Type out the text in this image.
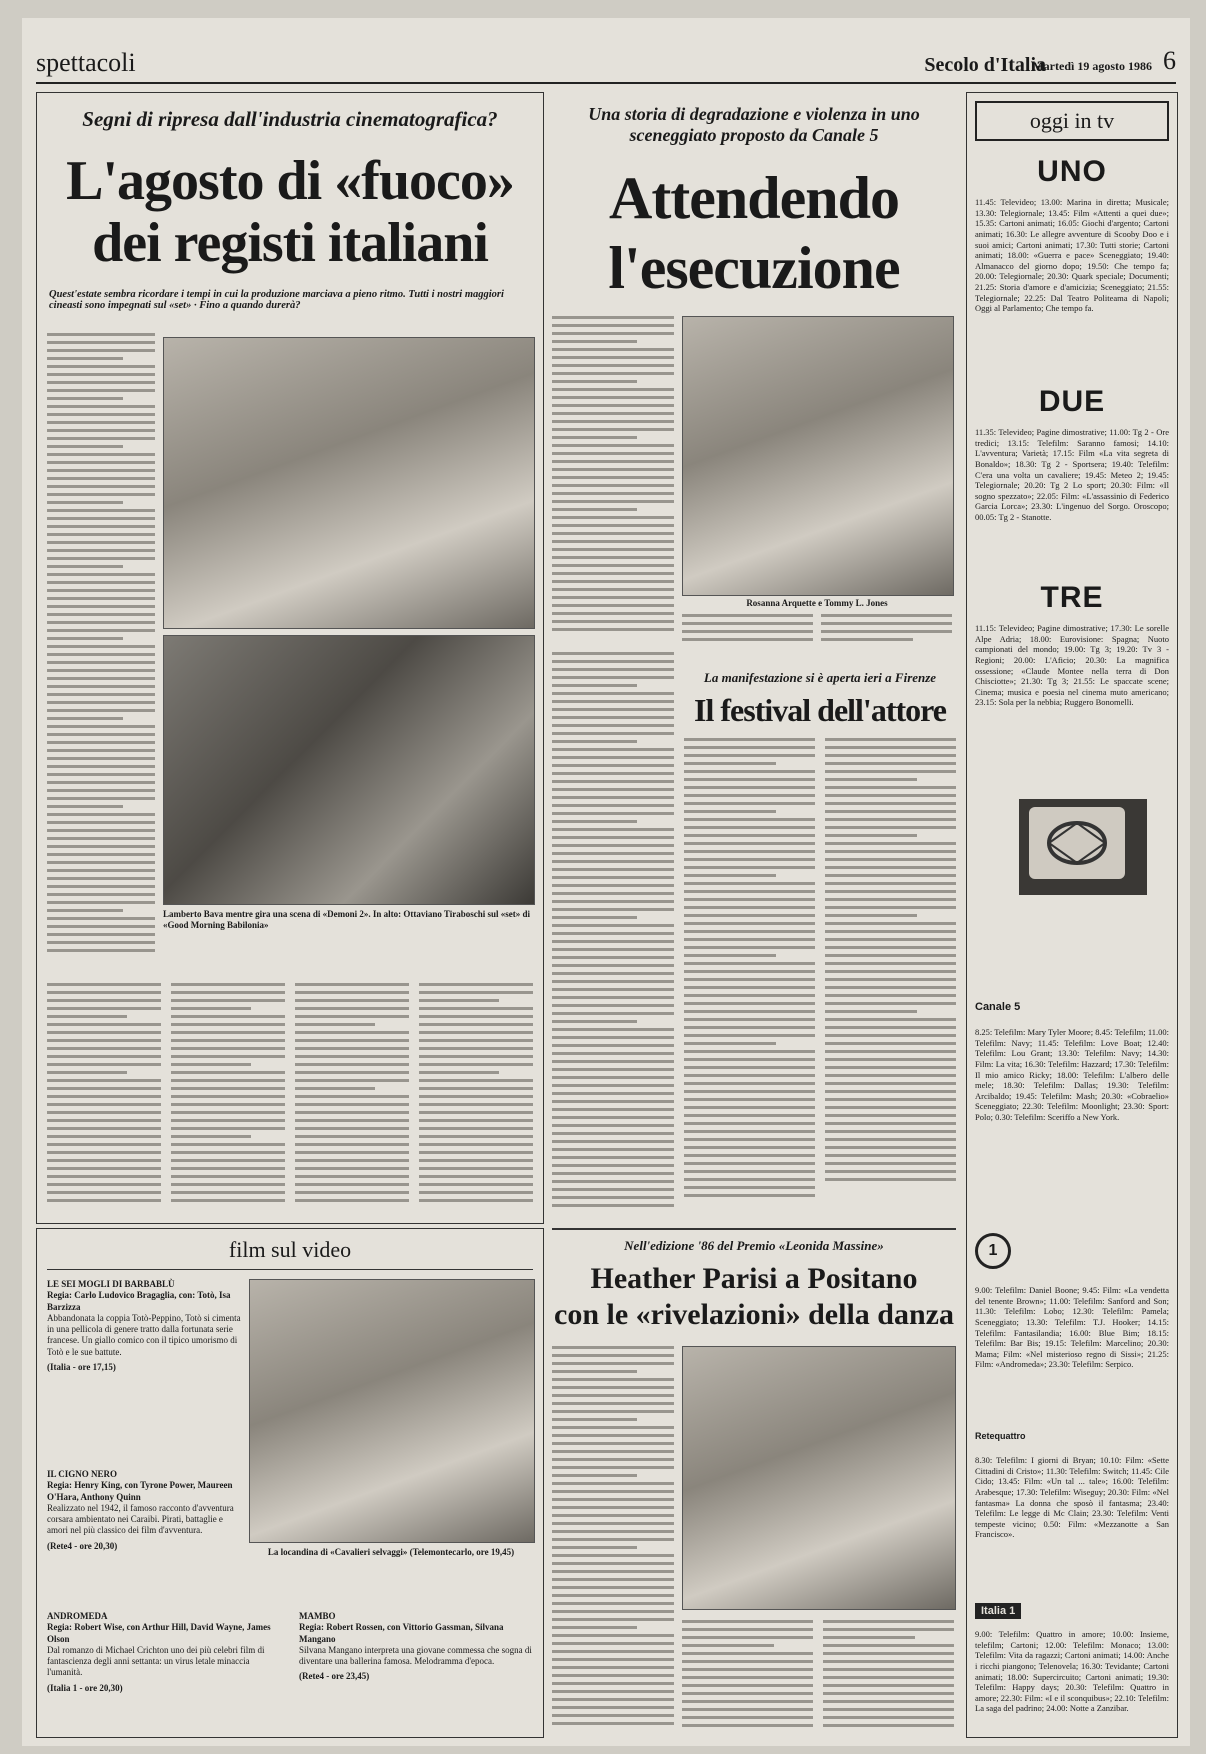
spettacoli	Secolo d'Italia
Martedì 19 agosto 1986 6
Segni di ripresa dall'industria cinematografica?
L'agosto di «fuoco»
dei registi italiani
Quest'estate sembra ricordare i tempi in cui la produzione marciava a pieno ritmo. Tutti i nostri maggiori cineasti sono impegnati sul «set» · Fino a quando durerà?
Lamberto Bava mentre gira una scena di «Demoni 2». In alto: Ottaviano Tiraboschi sul «set» di «Good Morning Babilonia»
Una storia di degradazione e violenza in uno sceneggiato proposto da Canale 5
Attendendo
l'esecuzione
Rosanna Arquette e Tommy L. Jones
La manifestazione si è aperta ieri a Firenze
Il festival dell'attore
Nell'edizione '86 del Premio «Leonida Massine»
Heather Parisi a Positano
con le «rivelazioni» della danza
film sul video
LE SEI MOGLI DI BARBABLÙ
Regia: Carlo Ludovico Bragaglia, con: Totò, Isa Barzizza
Abbandonata la coppia Totò-Peppino, Totò si cimenta in una pellicola di genere tratto dalla fortunata serie francese. Un giallo comico con il tipico umorismo di Totò e le sue battute.
(Italia - ore 17,15)
IL CIGNO NERO
Regia: Henry King, con Tyrone Power, Maureen O'Hara, Anthony Quinn
Realizzato nel 1942, il famoso racconto d'avventura corsara ambientato nei Caraibi. Pirati, battaglie e amori nel più classico dei film d'avventura.
(Rete4 - ore 20,30)
La locandina di «Cavalieri selvaggi» (Telemontecarlo, ore 19,45)
ANDROMEDA
Regia: Robert Wise, con Arthur Hill, David Wayne, James Olson
Dal romanzo di Michael Crichton uno dei più celebri film di fantascienza degli anni settanta: un virus letale minaccia l'umanità.
(Italia 1 - ore 20,30)
MAMBO
Regia: Robert Rossen, con Vittorio Gassman, Silvana Mangano
Silvana Mangano interpreta una giovane commessa che sogna di diventare una ballerina famosa. Melodramma d'epoca.
(Rete4 - ore 23,45)
oggi in tv
UNO
11.45: Televideo; 13.00: Marina in diretta; Musicale; 13.30: Telegiornale; 13.45: Film «Attenti a quei due»; 15.35: Cartoni animati; 16.05: Giochi d'argento; Cartoni animati; 16.30: Le allegre avventure di Scooby Doo e i suoi amici; Cartoni animati; 17.30: Tutti storie; Cartoni animati; 18.00: «Guerra e pace» Sceneggiato; 19.40: Almanacco del giorno dopo; 19.50: Che tempo fa; 20.00: Telegiornale; 20.30: Quark speciale; Documenti; 21.25: Storia d'amore e d'amicizia; Sceneggiato; 21.55: Telegiornale; 22.25: Dal Teatro Politeama di Napoli; Oggi al Parlamento; Che tempo fa.
DUE
11.35: Televideo; Pagine dimostrative; 11.00: Tg 2 - Ore tredici; 13.15: Telefilm: Saranno famosi; 14.10: L'avventura; Varietà; 17.15: Film «La vita segreta di Bonaldo»; 18.30: Tg 2 - Sportsera; 19.40: Telefilm: C'era una volta un cavaliere; 19.45: Meteo 2; 19.45: Telegiornale; 20.20: Tg 2 Lo sport; 20.30: Film: «Il sogno spezzato»; 22.05: Film: «L'assassinio di Federico Garcia Lorca»; 23.30: L'ingenuo del Sorgo. Oroscopo; 00.05: Tg 2 - Stanotte.
TRE
11.15: Televideo; Pagine dimostrative; 17.30: Le sorelle Alpe Adria; 18.00: Eurovisione: Spagna; Nuoto campionati del mondo; 19.00: Tg 3; 19.20: Tv 3 - Regioni; 20.00: L'Aficio; 20.30: La magnifica ossessione; «Claude Montee nella terra di Don Chisciotte»; 21.30: Tg 3; 21.55: Le spaccate scene; Cinema; musica e poesia nel cinema muto americano; 23.15: Sola per la nebbia; Ruggero Bonomelli.
Canale 5
8.25: Telefilm: Mary Tyler Moore; 8.45: Telefilm; 11.00: Telefilm: Navy; 11.45: Telefilm: Love Boat; 12.40: Telefilm: Lou Grant; 13.30: Telefilm: Navy; 14.30: Film: La vita; 16.30: Telefilm: Hazzard; 17.30: Telefilm: Il mio amico Ricky; 18.00: Telefilm: L'albero delle mele; 18.30: Telefilm: Dallas; 19.30: Telefilm: Arcibaldo; 19.45: Telefilm: Mash; 20.30: «Cobraelio» Sceneggiato; 22.30: Telefilm: Moonlight; 23.30: Sport: Polo; 0.30: Telefilm: Sceriffo a New York.
1
9.00: Telefilm: Daniel Boone; 9.45: Film: «La vendetta del tenente Brown»; 11.00: Telefilm: Sanford and Son; 11.30: Telefilm: Lobo; 12.30: Telefilm: Pamela; Sceneggiato; 13.30: Telefilm: T.J. Hooker; 14.15: Telefilm: Fantasilandia; 16.00: Blue Bim; 18.15: Telefilm: Bar Bis; 19.15: Telefilm: Marcelino; 20.30: Mama; Film: «Nel misterioso regno di Sissi»; 21.25: Film: «Andromeda»; 23.30: Telefilm: Serpico.
Retequattro
8.30: Telefilm: I giorni di Bryan; 10.10: Film: «Sette Cittadini di Cristo»; 11.30: Telefilm: Switch; 11.45: Cile Cido; 13.45: Film: «Un tal ... tale»; 16.00: Telefilm: Arabesque; 17.30: Telefilm: Wiseguy; 20.30: Film: «Nel fantasma» La donna che sposò il fantasma; 23.40: Telefilm: Le legge di Mc Clain; 23.30: Telefilm: Venti tempeste vicino; 0.50: Film: «Mezzanotte a San Francisco».
Italia 1
9.00: Telefilm: Quattro in amore; 10.00: Insieme, telefilm; Cartoni; 12.00: Telefilm: Monaco; 13.00: Telefilm: Vita da ragazzi; Cartoni animati; 14.00: Anche i ricchi piangono; Telenovela; 16.30: Tevidante; Cartoni animati; 18.00: Supercircuito; Cartoni animati; 19.30: Telefilm: Happy days; 20.30: Telefilm: Quattro in amore; 22.30: Film: «I e il sconquibus»; 22.10: Telefilm: La saga del padrino; 24.00: Notte a Zanzibar.
